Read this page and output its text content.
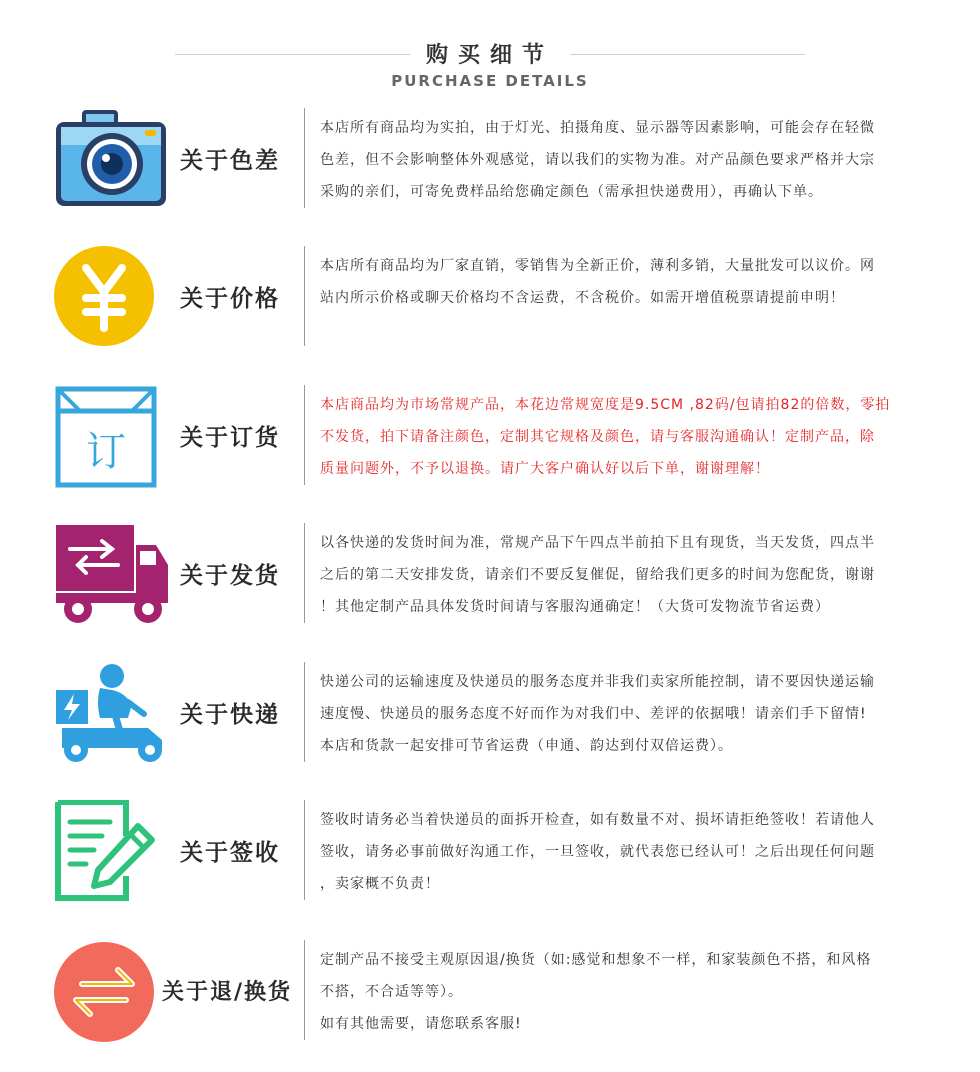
购买细节
PURCHASE DETAILS
关于色差

本店所有商品均为实拍，由于灯光、拍摄角度、显示器等因素影响，可能会存在轻微

色差，但不会影响整体外观感觉，请以我们的实物为准。对产品颜色要求严格并大宗

采购的亲们，可寄免费样品给您确定颜色（需承担快递费用），再确认下单。

关于价格

本店所有商品均为厂家直销，零销售为全新正价，薄利多销，大量批发可以议价。网

站内所示价格或聊天价格均不含运费，不含税价。如需开增值税票请提前申明！

订 关于订货

本店商品均为市场常规产品，本花边常规宽度是9.5CM ,82码/包请拍82的倍数，零拍

不发货，拍下请备注颜色，定制其它规格及颜色，请与客服沟通确认！定制产品，除

质量问题外，不予以退换。请广大客户确认好以后下单，谢谢理解！

关于发货

以各快递的发货时间为准，常规产品下午四点半前拍下且有现货，当天发货，四点半

之后的第二天安排发货，请亲们不要反复催促，留给我们更多的时间为您配货，谢谢

！其他定制产品具体发货时间请与客服沟通确定！（大货可发物流节省运费）

关于快递

快递公司的运输速度及快递员的服务态度并非我们卖家所能控制，请不要因快递运输

速度慢、快递员的服务态度不好而作为对我们中、差评的依据哦！请亲们手下留情!

本店和货款一起安排可节省运费（申通、韵达到付双倍运费）。

关于签收

签收时请务必当着快递员的面拆开检查，如有数量不对、损坏请拒绝签收！若请他人

签收，请务必事前做好沟通工作，一旦签收，就代表您已经认可！之后出现任何问题

，卖家概不负责！

关于退/换货

定制产品不接受主观原因退/换货（如:感觉和想象不一样，和家装颜色不搭，和风格

不搭，不合适等等）。

如有其他需要，请您联系客服!
